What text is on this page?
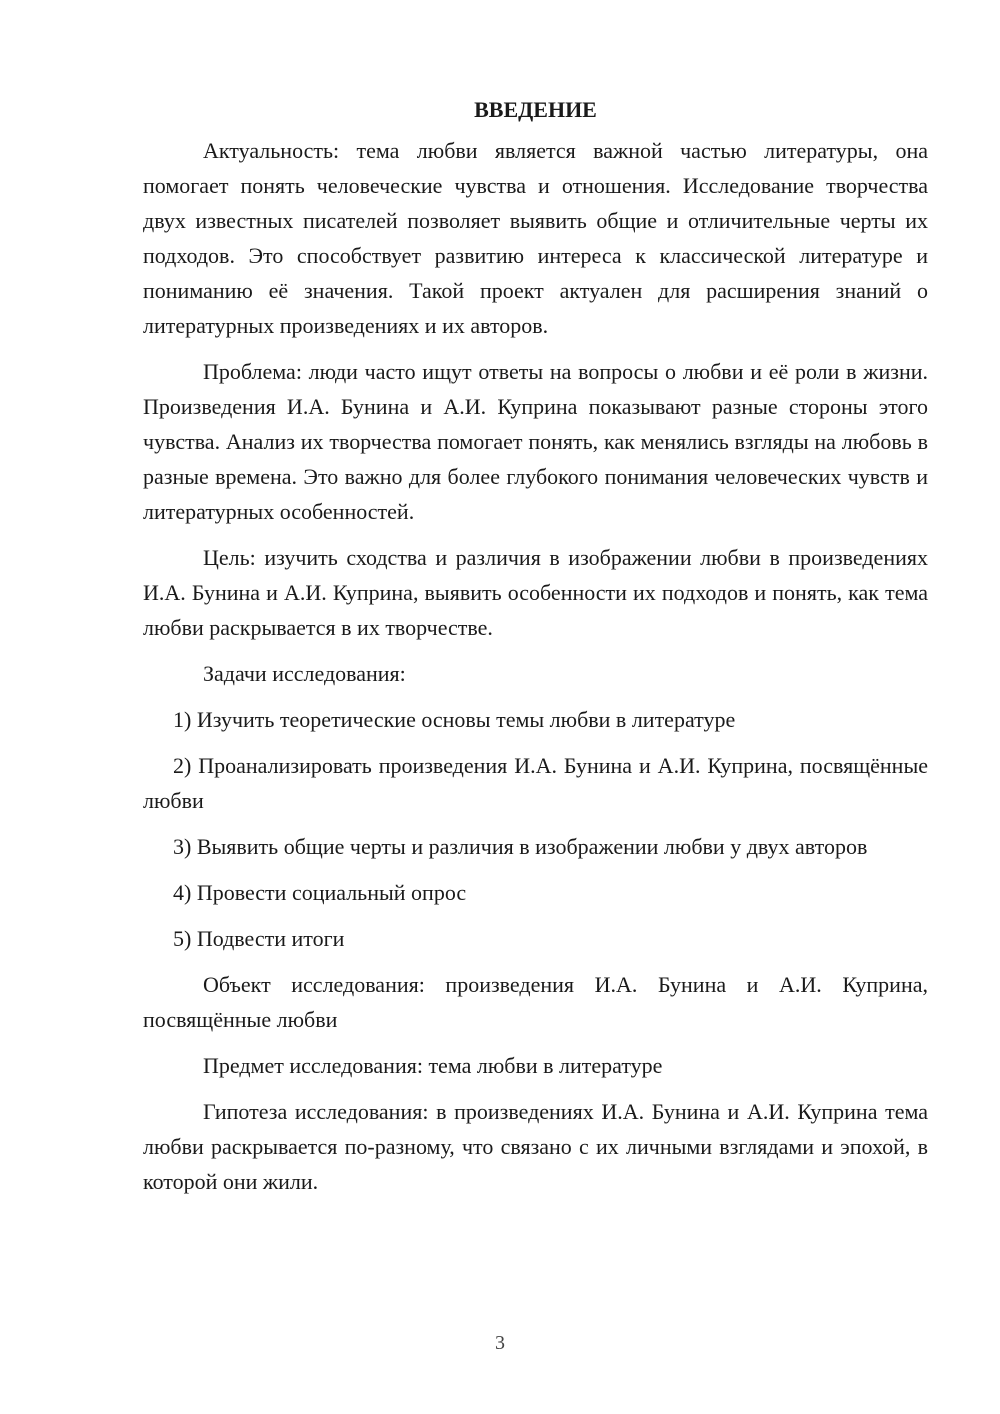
ВВЕДЕНИЕ

Актуальность: тема любви является важной частью литературы, она помогает понять человеческие чувства и отношения. Исследование творчества двух известных писателей позволяет выявить общие и отличительные черты их подходов. Это способствует развитию интереса к классической литературе и пониманию её значения. Такой проект актуален для расширения знаний о литературных произведениях и их авторов.

Проблема: люди часто ищут ответы на вопросы о любви и её роли в жизни. Произведения И.А. Бунина и А.И. Куприна показывают разные стороны этого чувства. Анализ их творчества помогает понять, как менялись взгляды на любовь в разные времена. Это важно для более глубокого понимания человеческих чувств и литературных особенностей.

Цель: изучить сходства и различия в изображении любви в произведениях И.А. Бунина и А.И. Куприна, выявить особенности их подходов и понять, как тема любви раскрывается в их творчестве.

Задачи исследования:

1) Изучить теоретические основы темы любви в литературе

2) Проанализировать произведения И.А. Бунина и А.И. Куприна, посвящённые любви

3) Выявить общие черты и различия в изображении любви у двух авторов

4) Провести социальный опрос

5) Подвести итоги

Объект исследования: произведения И.А. Бунина и А.И. Куприна, посвящённые любви

Предмет исследования: тема любви в литературе

Гипотеза исследования: в произведениях И.А. Бунина и А.И. Куприна тема любви раскрывается по-разному, что связано с их личными взглядами и эпохой, в которой они жили.

3
